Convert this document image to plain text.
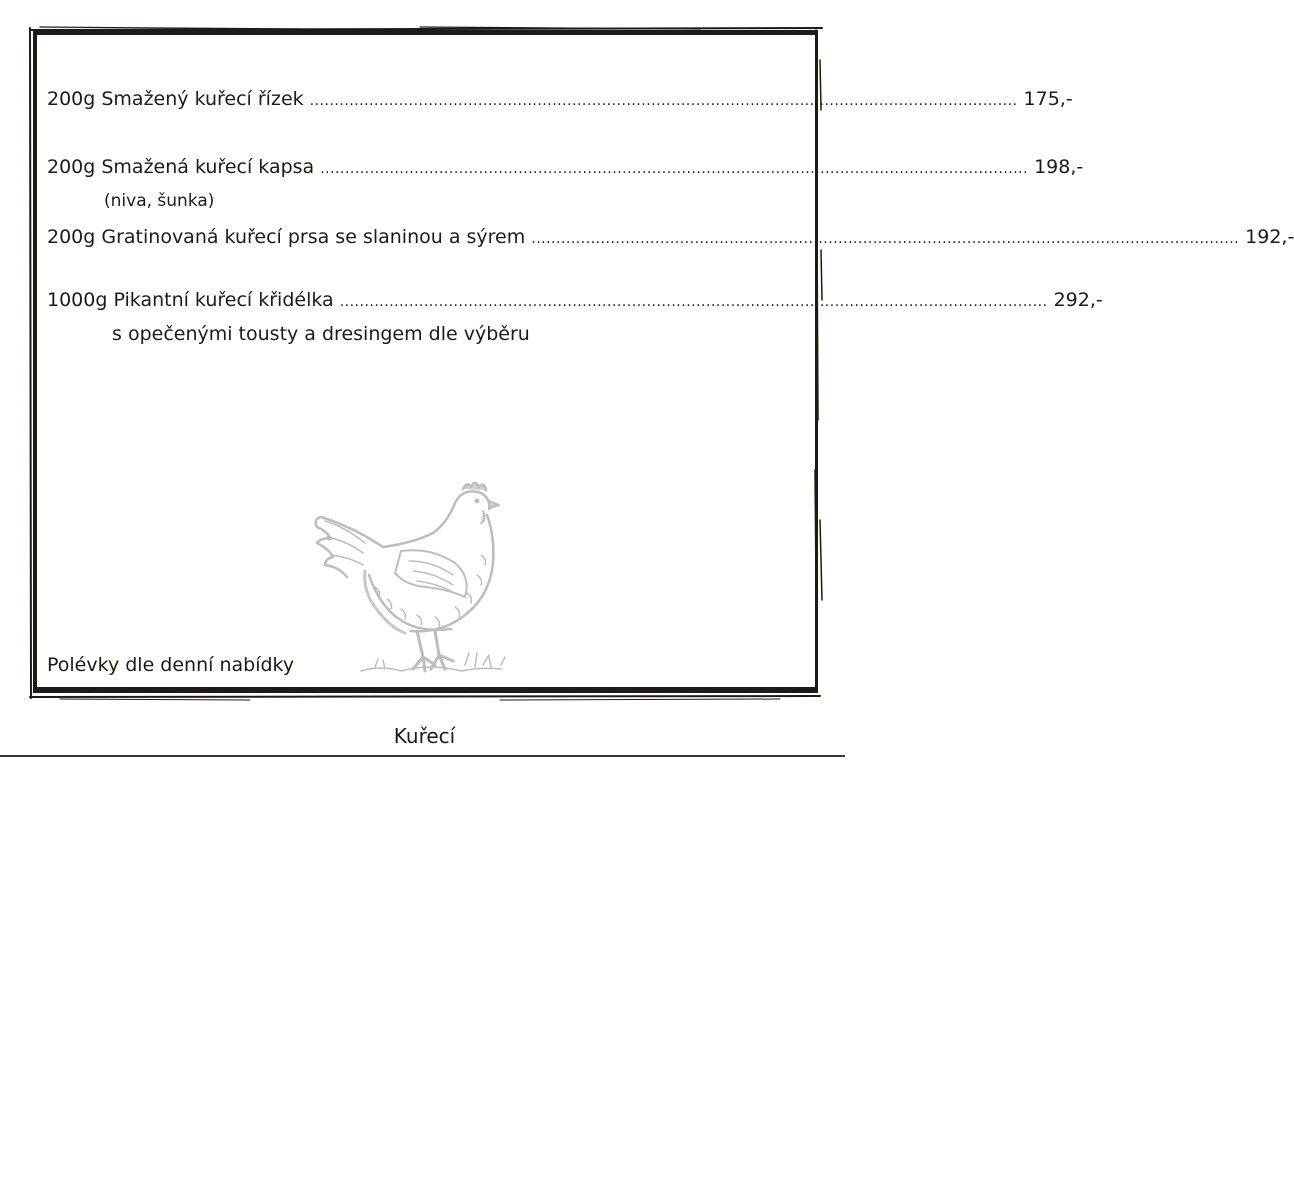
200g Smažený kuřecí řízek ............................................................................................................................................... 175,-
200g Smažená kuřecí kapsa ............................................................................................................................................... 198,-
(niva, šunka)
200g Gratinovaná kuřecí prsa se slaninou a sýrem ............................................................................................................................................... 192,-
1000g Pikantní kuřecí křidélka ............................................................................................................................................... 292,-
s opečenými tousty a dresingem dle výběru
Polévky dle denní nabídky
Kuřecí
